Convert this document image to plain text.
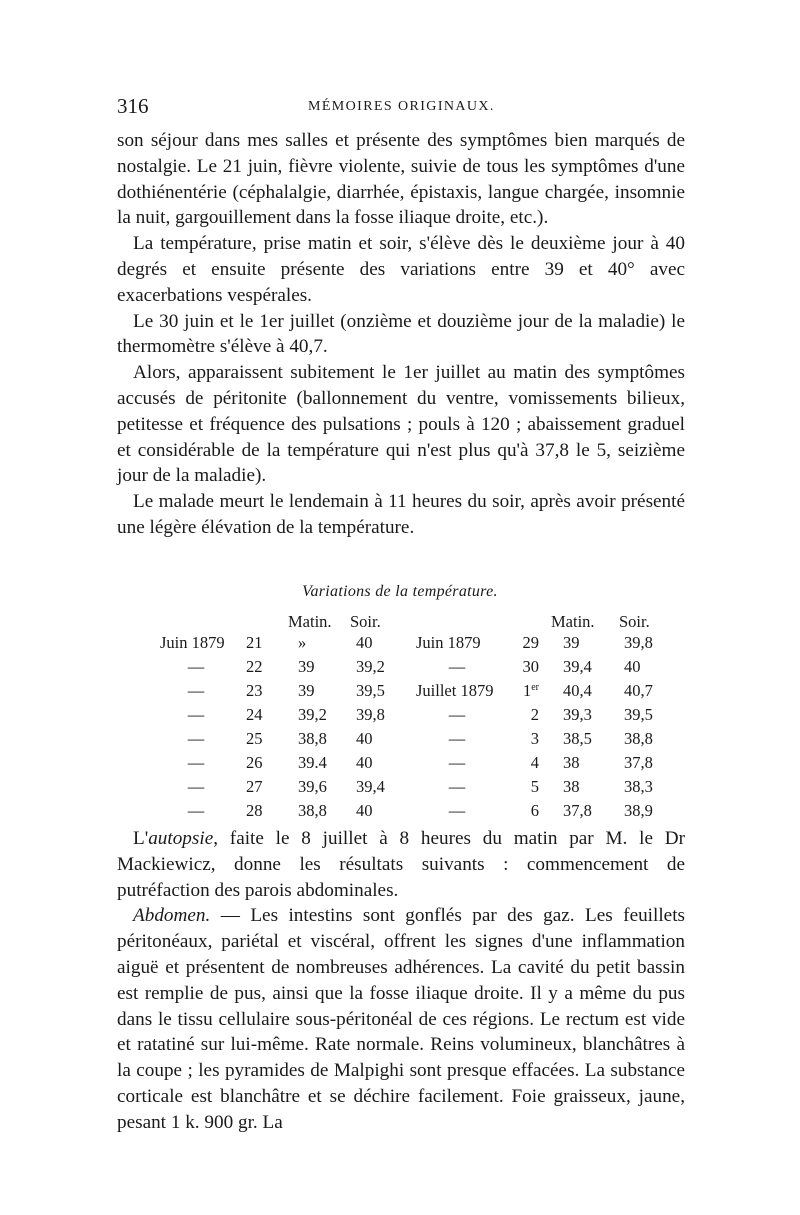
316	MÉMOIRES ORIGINAUX.

son séjour dans mes salles et présente des symptômes bien marqués de nostalgie. Le 21 juin, fièvre violente, suivie de tous les symptômes d'une dothiénentérie (céphalalgie, diarrhée, épistaxis, langue chargée, insomnie la nuit, gargouillement dans la fosse iliaque droite, etc.).

La température, prise matin et soir, s'élève dès le deuxième jour à 40 degrés et ensuite présente des variations entre 39 et 40° avec exacerbations vespérales.

Le 30 juin et le 1er juillet (onzième et douzième jour de la maladie) le thermomètre s'élève à 40,7.

Alors, apparaissent subitement le 1er juillet au matin des symptômes accusés de péritonite (ballonnement du ventre, vomissements bilieux, petitesse et fréquence des pulsations ; pouls à 120 ; abaissement graduel et considérable de la température qui n'est plus qu'à 37,8 le 5, seizième jour de la maladie).

Le malade meurt le lendemain à 11 heures du soir, après avoir présenté une légère élévation de la température.

Variations de la température.
Matin. Soir.	Matin. Soir.
Juin 1879 21 »	40	Juin 1879	29 39	39,8
—	22 39	39,2	—	30 39,4 40
—	23 39	39,5 Juillet 1879	1er 40,4 40,7
—	24 39,2 39,8	—	2 39,3 39,5
—	25 38,8 40	—	3 38,5 38,8
—	26 39.4 40	—	4 38	37,8
—	27 39,6 39,4	—	5 38	38,3
—	28 38,8 40	—	6 37,8 38,9

L'autopsie, faite le 8 juillet à 8 heures du matin par M. le Dr Mackiewicz, donne les résultats suivants : commencement de putréfaction des parois abdominales.

Abdomen. — Les intestins sont gonflés par des gaz. Les feuillets péritonéaux, pariétal et viscéral, offrent les signes d'une inflammation aiguë et présentent de nombreuses adhérences. La cavité du petit bassin est remplie de pus, ainsi que la fosse iliaque droite. Il y a même du pus dans le tissu cellulaire sous-péritonéal de ces régions. Le rectum est vide et ratatiné sur lui-même. Rate normale. Reins volumineux, blanchâtres à la coupe ; les pyramides de Malpighi sont presque effacées. La substance corticale est blanchâtre et se déchire facilement. Foie graisseux, jaune, pesant 1 k. 900 gr. La
